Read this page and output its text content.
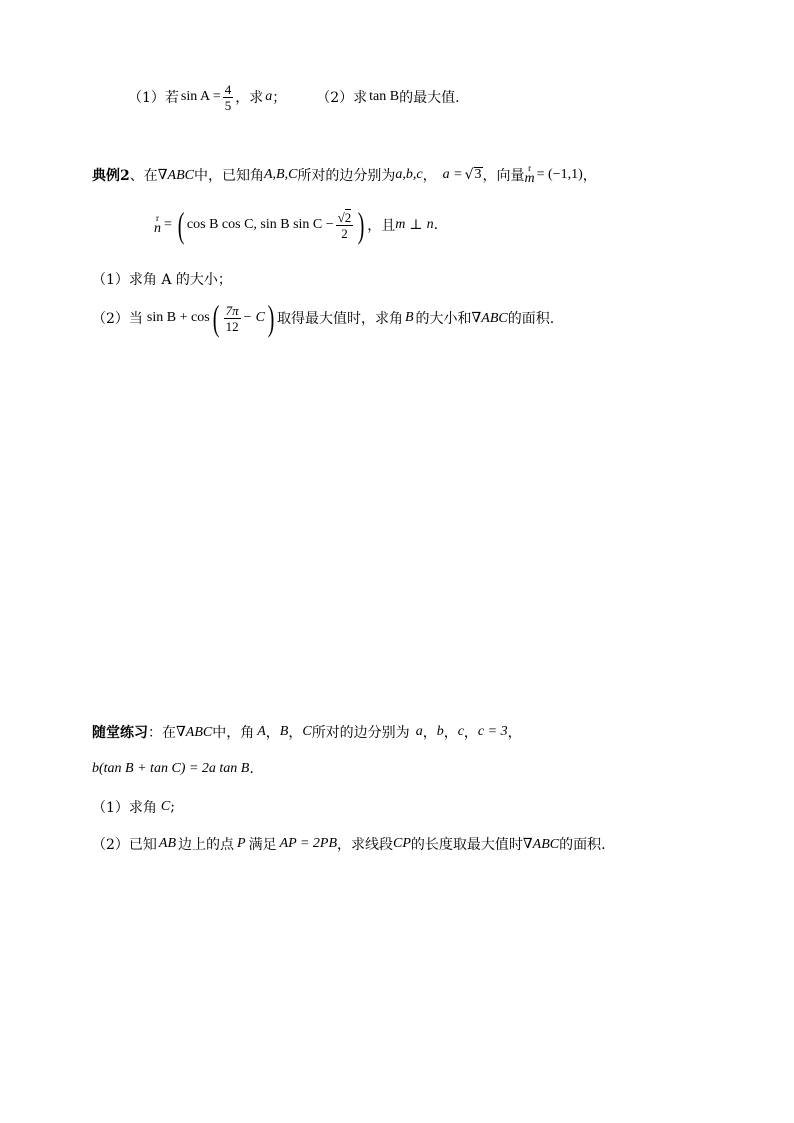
（1）若 $\sin A = \frac{4}{5}$ ，求 a ； （2）求 tan B 的最大值.
典例2 、在 ∇ABC 中，已知角 A,B,C 所对的边分别为 a,b,c ， a = √ 3 ，向量 r
m = (−1,1) ，
r
n = ( cos B cos C, sin B $\sin C - \frac{√2}{2}$ ) ，且 m ⊥ n .
（1）求角 A 的大小；
（2）当 sin B + cos ( $\frac{7\pi}{12} - C$ ) 取得最大值时，求角 B 的大小和 ∇ABC 的面积.
随堂练习 ：在 ∇ABC 中，角 A ， B ， C 所对的边分别为 a ， b ， c ， c = 3 ，
b(tan B + tan C) = 2a tan B .
（1）求角 C ;
（2）已知 AB 边上的点 P 满足 AP = 2PB ，求线段 CP 的长度取最大值时 ∇ABC 的面积.
